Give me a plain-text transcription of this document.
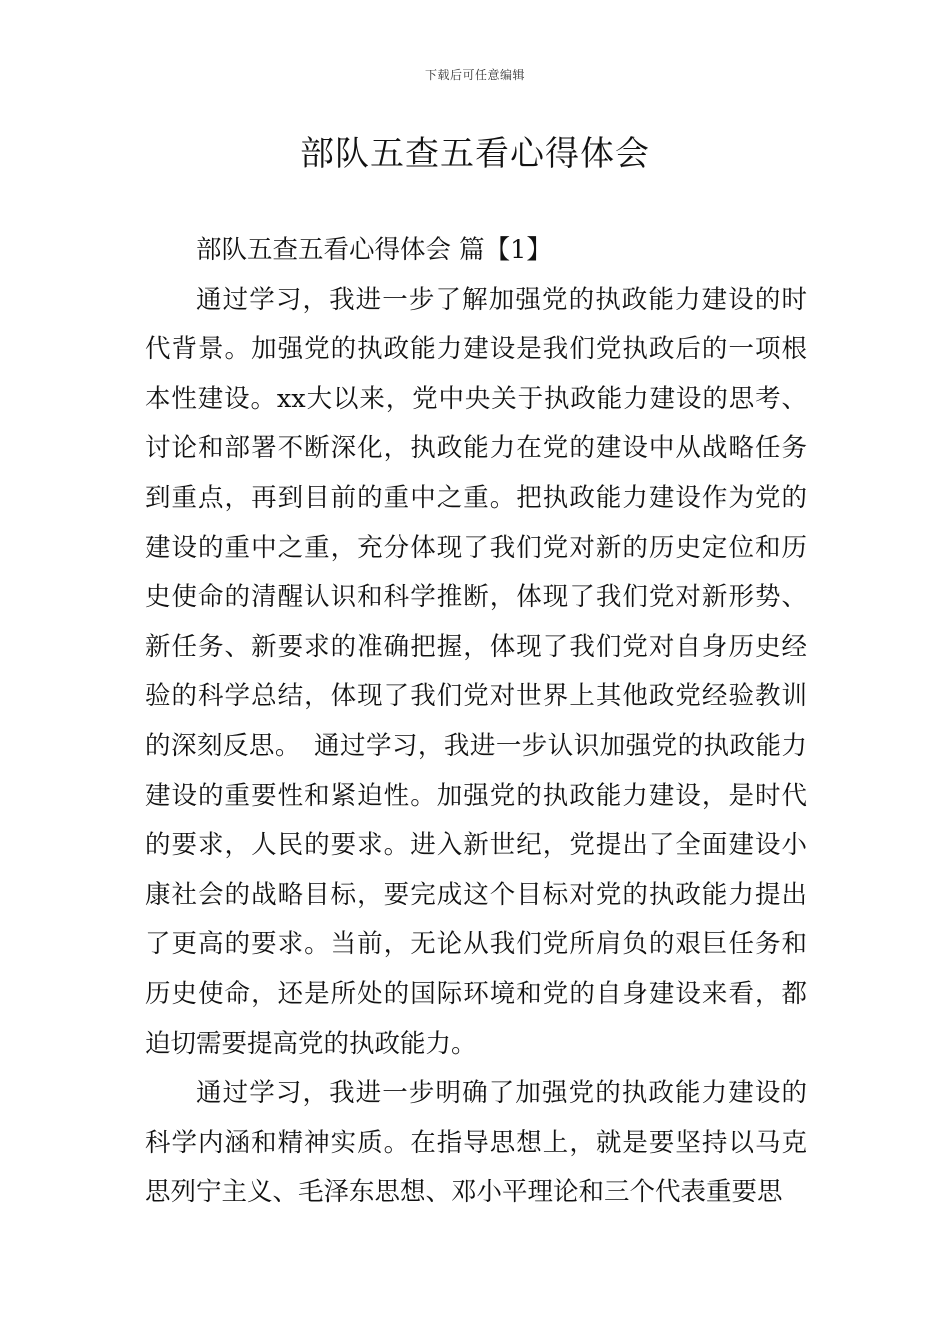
下载后可任意编辑
部队五查五看心得体会

部队五查五看心得体会 篇【1】

通过学习，我进一步了解加强党的执政能力建设的时代背景。加强党的执政能力建设是我们党执政后的一项根本性建设。xx大以来，党中央关于执政能力建设的思考、讨论和部署不断深化，执政能力在党的建设中从战略任务到重点，再到目前的重中之重。把执政能力建设作为党的建设的重中之重，充分体现了我们党对新的历史定位和历史使命的清醒认识和科学推断，体现了我们党对新形势、新任务、新要求的准确把握，体现了我们党对自身历史经验的科学总结，体现了我们党对世界上其他政党经验教训的深刻反思。　通过学习，我进一步认识加强党的执政能力建设的重要性和紧迫性。加强党的执政能力建设，是时代的要求，人民的要求。进入新世纪，党提出了全面建设小康社会的战略目标，要完成这个目标对党的执政能力提出了更高的要求。当前，无论从我们党所肩负的艰巨任务和历史使命，还是所处的国际环境和党的自身建设来看，都迫切需要提高党的执政能力。

通过学习，我进一步明确了加强党的执政能力建设的科学内涵和精神实质。在指导思想上，就是要坚持以马克思列宁主义、毛泽东思想、邓小平理论和三个代表重要思
